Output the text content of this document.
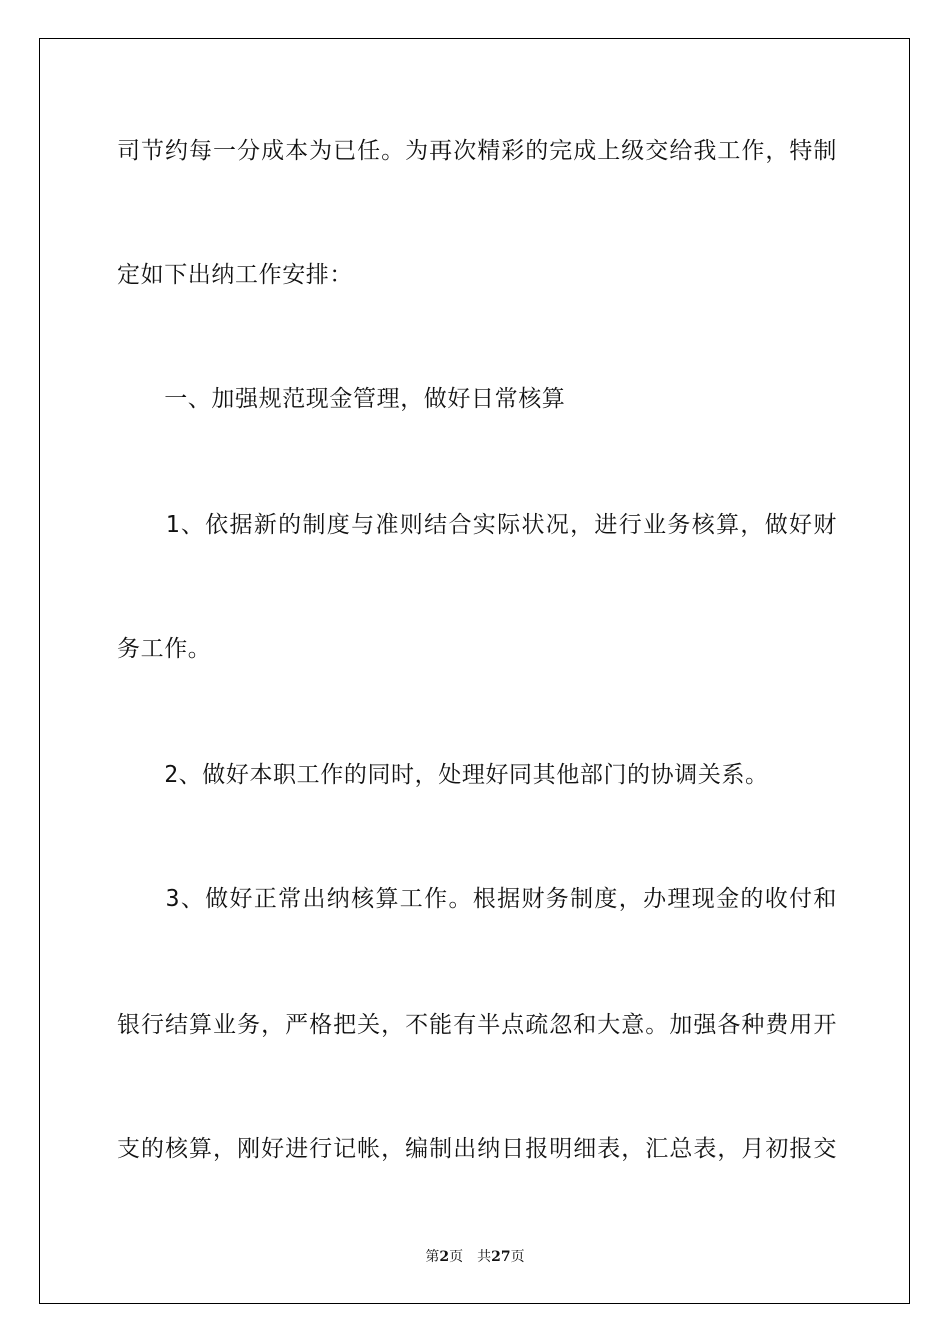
司节约每一分成本为已任。为再次精彩的完成上级交给我工作，特制
定如下出纳工作安排：
　　一、加强规范现金管理，做好日常核算
　　1、依据新的制度与准则结合实际状况，进行业务核算，做好财
务工作。
　　2、做好本职工作的同时，处理好同其他部门的协调关系。
　　3、做好正常出纳核算工作。根据财务制度，办理现金的收付和
银行结算业务，严格把关，不能有半点疏忽和大意。加强各种费用开
支的核算，刚好进行记帐，编制出纳日报明细表，汇总表，月初报交
第2页 共27页
